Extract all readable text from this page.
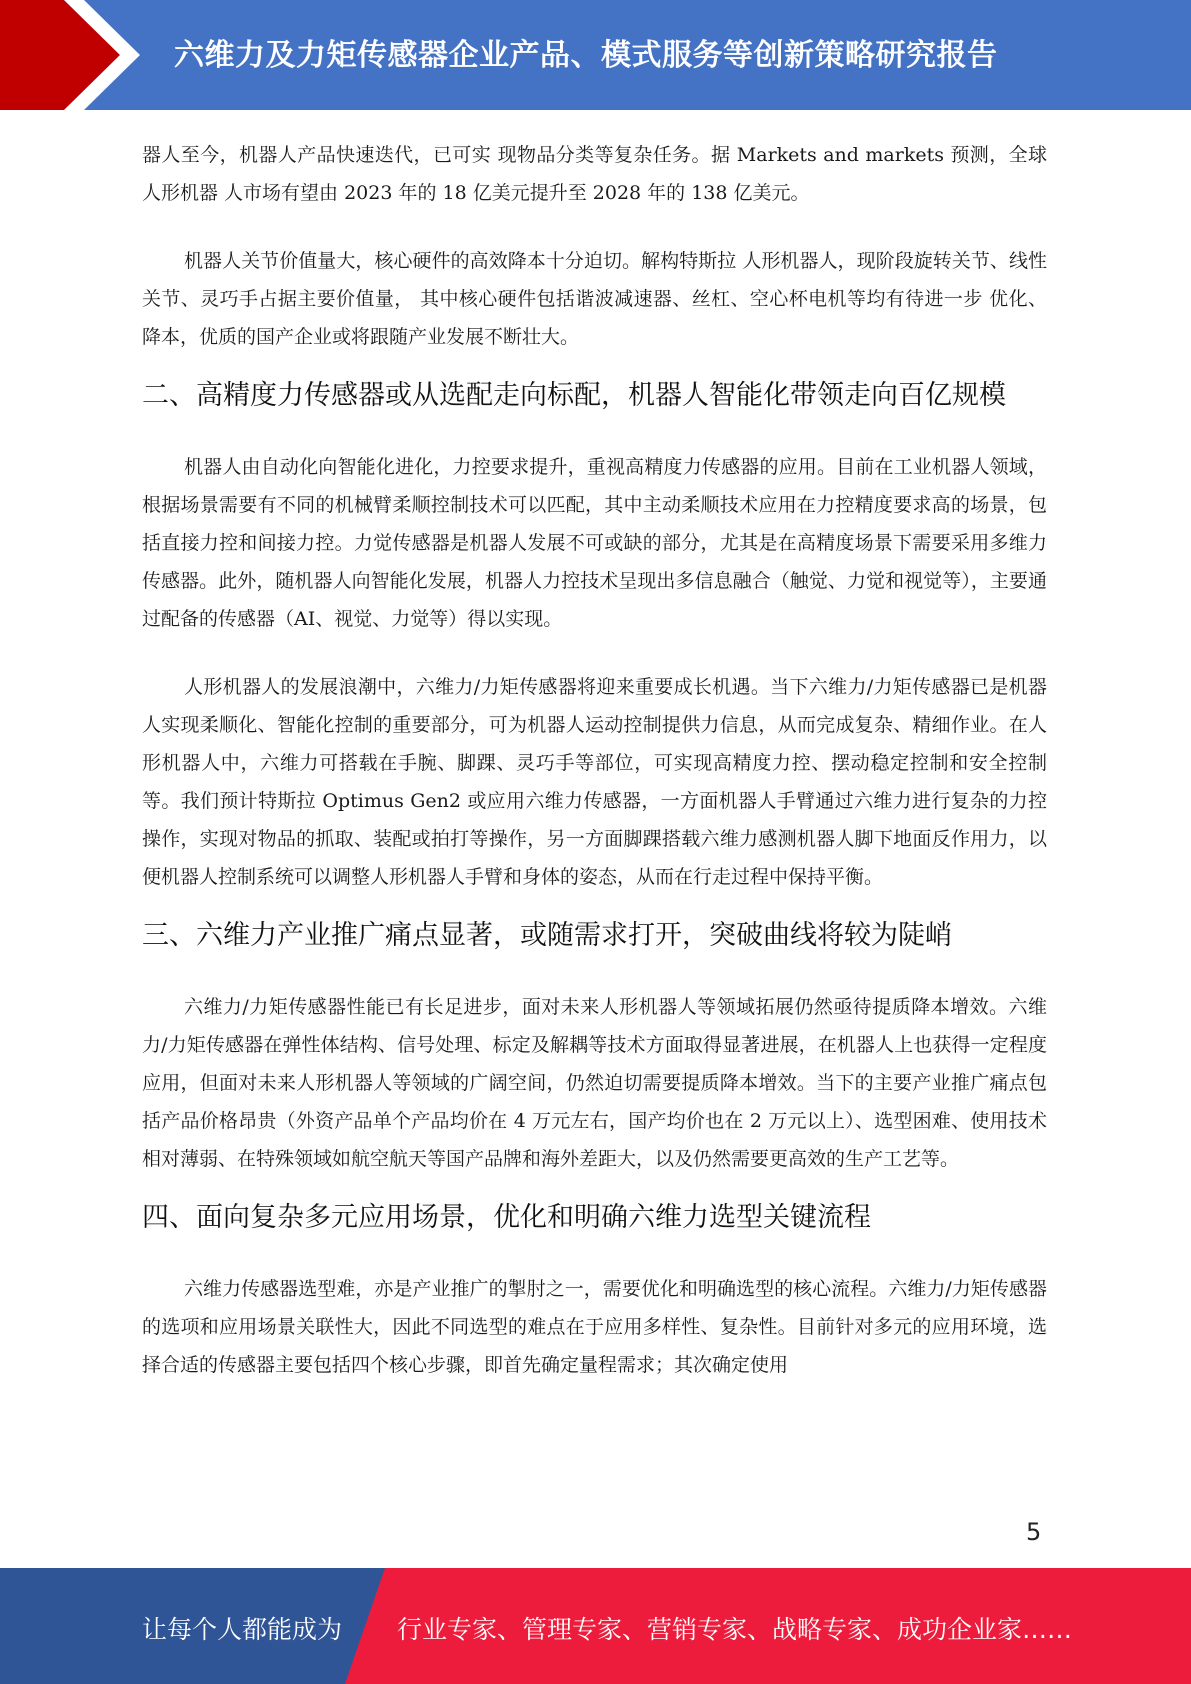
六维力及力矩传感器企业产品、模式服务等创新策略研究报告

器人至今，机器人产品快速迭代，已可实 现物品分类等复杂任务。据 Markets and markets 预测，全球人形机器 人市场有望由 2023 年的 18 亿美元提升至 2028 年的 138 亿美元。

机器人关节价值量大，核心硬件的高效降本十分迫切。解构特斯拉 人形机器人，现阶段旋转关节、线性关节、灵巧手占据主要价值量， 其中核心硬件包括谐波减速器、丝杠、空心杯电机等均有待进一步 优化、降本，优质的国产企业或将跟随产业发展不断壮大。

二、高精度力传感器或从选配走向标配，机器人智能化带领走向百亿规模

机器人由自动化向智能化进化，力控要求提升，重视高精度力传感器的应用。目前在工业机器人领域，根据场景需要有不同的机械臂柔顺控制技术可以匹配，其中主动柔顺技术应用在力控精度要求高的场景，包括直接力控和间接力控。力觉传感器是机器人发展不可或缺的部分，尤其是在高精度场景下需要采用多维力传感器。此外，随机器人向智能化发展，机器人力控技术呈现出多信息融合（触觉、力觉和视觉等），主要通过配备的传感器（AI、视觉、力觉等）得以实现。

人形机器人的发展浪潮中，六维力/力矩传感器将迎来重要成长机遇。当下六维力/力矩传感器已是机器人实现柔顺化、智能化控制的重要部分，可为机器人运动控制提供力信息，从而完成复杂、精细作业。在人形机器人中，六维力可搭载在手腕、脚踝、灵巧手等部位，可实现高精度力控、摆动稳定控制和安全控制等。我们预计特斯拉 Optimus Gen2 或应用六维力传感器，一方面机器人手臂通过六维力进行复杂的力控操作，实现对物品的抓取、装配或拍打等操作，另一方面脚踝搭载六维力感测机器人脚下地面反作用力，以便机器人控制系统可以调整人形机器人手臂和身体的姿态，从而在行走过程中保持平衡。

三、六维力产业推广痛点显著，或随需求打开，突破曲线将较为陡峭

六维力/力矩传感器性能已有长足进步，面对未来人形机器人等领域拓展仍然亟待提质降本增效。六维力/力矩传感器在弹性体结构、信号处理、标定及解耦等技术方面取得显著进展，在机器人上也获得一定程度应用，但面对未来人形机器人等领域的广阔空间，仍然迫切需要提质降本增效。当下的主要产业推广痛点包括产品价格昂贵（外资产品单个产品均价在 4 万元左右，国产均价也在 2 万元以上）、选型困难、使用技术相对薄弱、在特殊领域如航空航天等国产品牌和海外差距大，以及仍然需要更高效的生产工艺等。

四、面向复杂多元应用场景，优化和明确六维力选型关键流程

六维力传感器选型难，亦是产业推广的掣肘之一，需要优化和明确选型的核心流程。六维力/力矩传感器的选项和应用场景关联性大，因此不同选型的难点在于应用多样性、复杂性。目前针对多元的应用环境，选择合适的传感器主要包括四个核心步骤，即首先确定量程需求；其次确定使用

5
让每个人都能成为 行业专家、管理专家、营销专家、战略专家、成功企业家……
